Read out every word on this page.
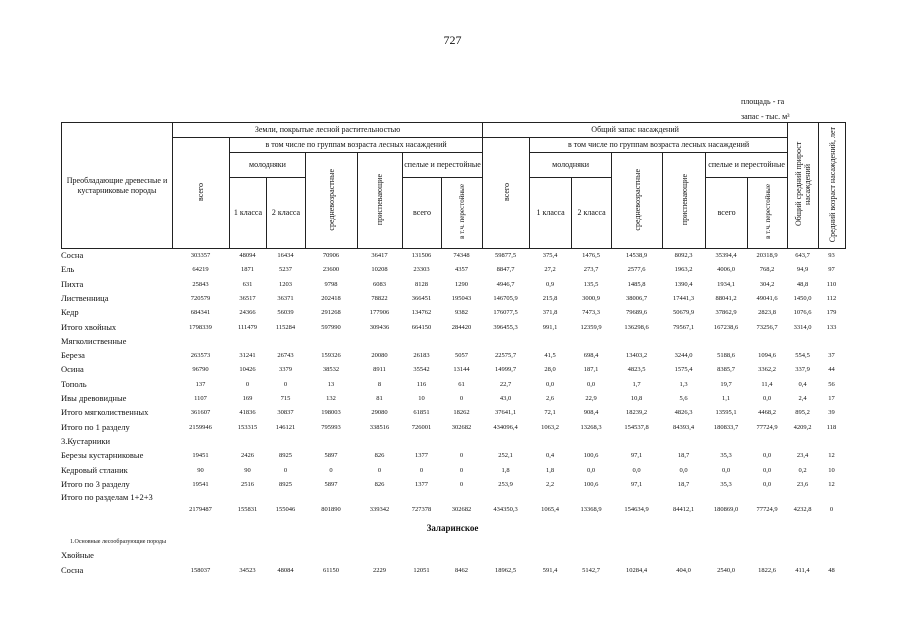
727
площадь - га
запас - тыс. м³
Преобладающие древесные и кустарниковые породы	Земли, покрытые лесной растительностью							Общий запас насаждений							Общий средний прирост насаждений	Средний возраст насаждений, лет
	всего	в том числе по группам возраста лесных насаждений						всего	в том числе по группам возраста лесных насаждений							
		молодняки		средневозрастные	приспевающие	спелые и перестойные			молодняки		средневозрастные	приспевающие	спелые и перестойные			
		1 класса	2 класса			всего	в т.ч. перестойные		1 класса	2 класса			всего	в т.ч. перестойные		
Сосна	303357	48094	16434	70906	36417	131506	74348	59877,5	375,4	1476,5	14538,9	8092,3	35394,4	20318,9	643,7	93
Ель	64219	1871	5237	23600	10208	23303	4357	8847,7	27,2	273,7	2577,6	1963,2	4006,0	768,2	94,9	97
Пихта	25843	631	1203	9798	6083	8128	1290	4946,7	0,9	135,5	1485,8	1390,4	1934,1	304,2	48,8	110
Лиственница	720579	36517	36371	202418	78822	366451	195043	146705,9	215,8	3000,9	38006,7	17441,3	88041,2	49041,6	1450,0	112
Кедр	684341	24366	56039	291268	177906	134762	9382	176077,5	371,8	7473,3	79689,6	50679,9	37862,9	2823,8	1076,6	179
Итого хвойных	1798339	111479	115284	597990	309436	664150	284420	396455,3	991,1	12359,9	136298,6	79567,1	167238,6	73256,7	3314,0	133
Мягколиственные
Береза	263573	31241	26743	159326	20080	26183	5057	22575,7	41,5	698,4	13403,2	3244,0	5188,6	1094,6	554,5	37
Осина	96790	10426	3379	38532	8911	35542	13144	14999,7	28,0	187,1	4823,5	1575,4	8385,7	3362,2	337,9	44
Тополь	137	0	0	13	8	116	61	22,7	0,0	0,0	1,7	1,3	19,7	11,4	0,4	56
Ивы древовидные	1107	169	715	132	81	10	0	43,0	2,6	22,9	10,8	5,6	1,1	0,0	2,4	17
Итого мягколиственных	361607	41836	30837	198003	29080	61851	18262	37641,1	72,1	908,4	18239,2	4826,3	13595,1	4468,2	895,2	39
Итого по 1 разделу	2159946	153315	146121	795993	338516	726001	302682	434096,4	1063,2	13268,3	154537,8	84393,4	180833,7	77724,9	4209,2	118
3.Кустарники
Березы кустарниковые	19451	2426	8925	5897	826	1377	0	252,1	0,4	100,6	97,1	18,7	35,3	0,0	23,4	12
Кедровый стланик	90	90	0	0	0	0	0	1,8	1,8	0,0	0,0	0,0	0,0	0,0	0,2	10
Итого по 3 разделу	19541	2516	8925	5897	826	1377	0	253,9	2,2	100,6	97,1	18,7	35,3	0,0	23,6	12
Итого по разделам 1+2+3
2179487	155831	155046	801890	339342	727378	302682	434350,3	1065,4	13368,9	154634,9	84412,1	180869,0	77724,9	4232,8	0
Заларинское
1.Основные лесообразующие породы
Хвойные
Сосна	158037	34523	48084	61150	2229	12051	8462	18962,5	591,4	5142,7	10284,4	404,0	2540,0	1822,6	411,4	48
